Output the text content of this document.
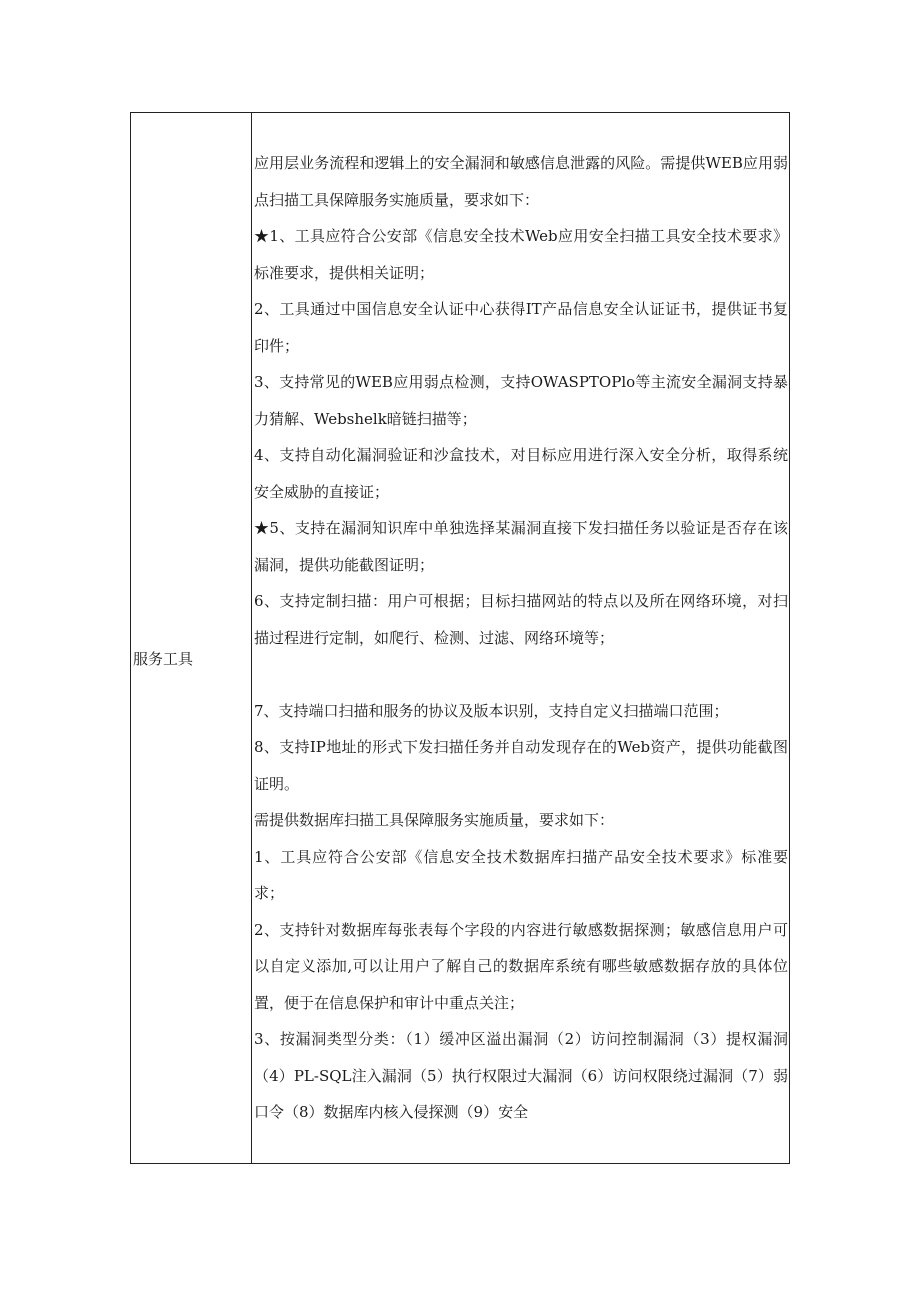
服务工具

应用层业务流程和逻辑上的安全漏洞和敏感信息泄露的风险。需提供WEB应用弱点扫描工具保障服务实施质量，要求如下：

★1、工具应符合公安部《信息安全技术Web应用安全扫描工具安全技术要求》标准要求，提供相关证明；

2、工具通过中国信息安全认证中心获得IT产品信息安全认证证书，提供证书复印件；

3、支持常见的WEB应用弱点检测，支持OWASPTOPlo等主流安全漏洞支持暴力猜解、Webshelk暗链扫描等；

4、支持自动化漏洞验证和沙盒技术，对目标应用进行深入安全分析，取得系统安全威胁的直接证；

★5、支持在漏洞知识库中单独选择某漏洞直接下发扫描任务以验证是否存在该漏洞，提供功能截图证明；

6、支持定制扫描：用户可根据；目标扫描网站的特点以及所在网络环境，对扫描过程进行定制，如爬行、检测、过滤、网络环境等；

7、支持端口扫描和服务的协议及版本识别，支持自定义扫描端口范围；

8、支持IP地址的形式下发扫描任务并自动发现存在的Web资产，提供功能截图证明。

需提供数据库扫描工具保障服务实施质量，要求如下：

1、工具应符合公安部《信息安全技术数据库扫描产品安全技术要求》标准要求；

2、支持针对数据库每张表每个字段的内容进行敏感数据探测；敏感信息用户可以自定义添加,可以让用户了解自己的数据库系统有哪些敏感数据存放的具体位置，便于在信息保护和审计中重点关注；

3、按漏洞类型分类：（1）缓冲区溢出漏洞（2）访问控制漏洞（3）提权漏洞（4）PL-SQL注入漏洞（5）执行权限过大漏洞（6）访问权限绕过漏洞（7）弱口令（8）数据库内核入侵探测（9）安全
